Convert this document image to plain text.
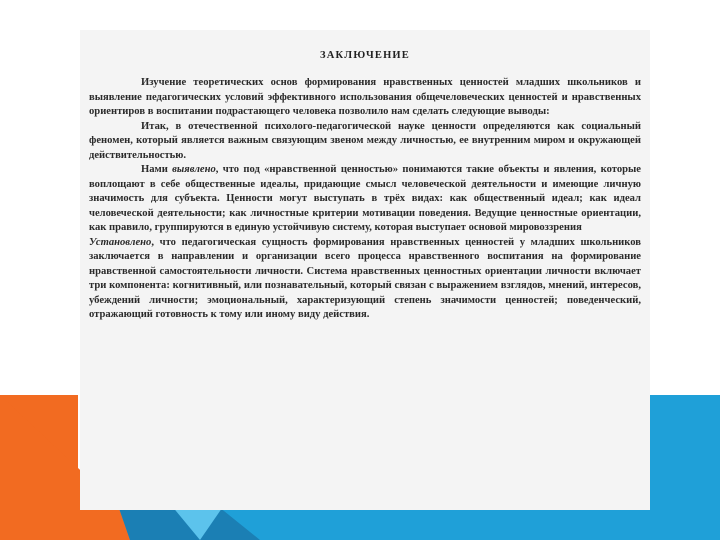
ЗАКЛЮЧЕНИЕ

Изучение теоретических основ формирования нравственных ценностей младших школьников и выявление педагогических условий эффективного использования общечеловеческих ценностей и нравственных ориентиров в воспитании подрастающего человека позволило нам сделать следующие выводы:

Итак, в отечественной психолого-педагогической науке ценности определяются как социальный феномен, который является важным связующим звеном между личностью, ее внутренним миром и окружающей действительностью.

Нами выявлено, что под «нравственной ценностью» понимаются такие объекты и явления, которые воплощают в себе общественные идеалы, придающие смысл человеческой деятельности и имеющие личную значимость для субъекта. Ценности могут выступать в трёх видах: как общественный идеал; как идеал человеческой деятельности; как личностные критерии мотивации поведения. Ведущие ценностные ориентации, как правило, группируются в единую устойчивую систему, которая выступает основой мировоззрения

Установлено, что педагогическая сущность формирования нравственных ценностей у младших школьников заключается в направлении и организации всего процесса нравственного воспитания на формирование нравственной самостоятельности личности. Система нравственных ценностных ориентации личности включает три компонента: когнитивный, или познавательный, который связан с выражением взглядов, мнений, интересов, убеждений личности; эмоциональный, характеризующий степень значимости ценностей; поведенческий, отражающий готовность к тому или иному виду действия.
